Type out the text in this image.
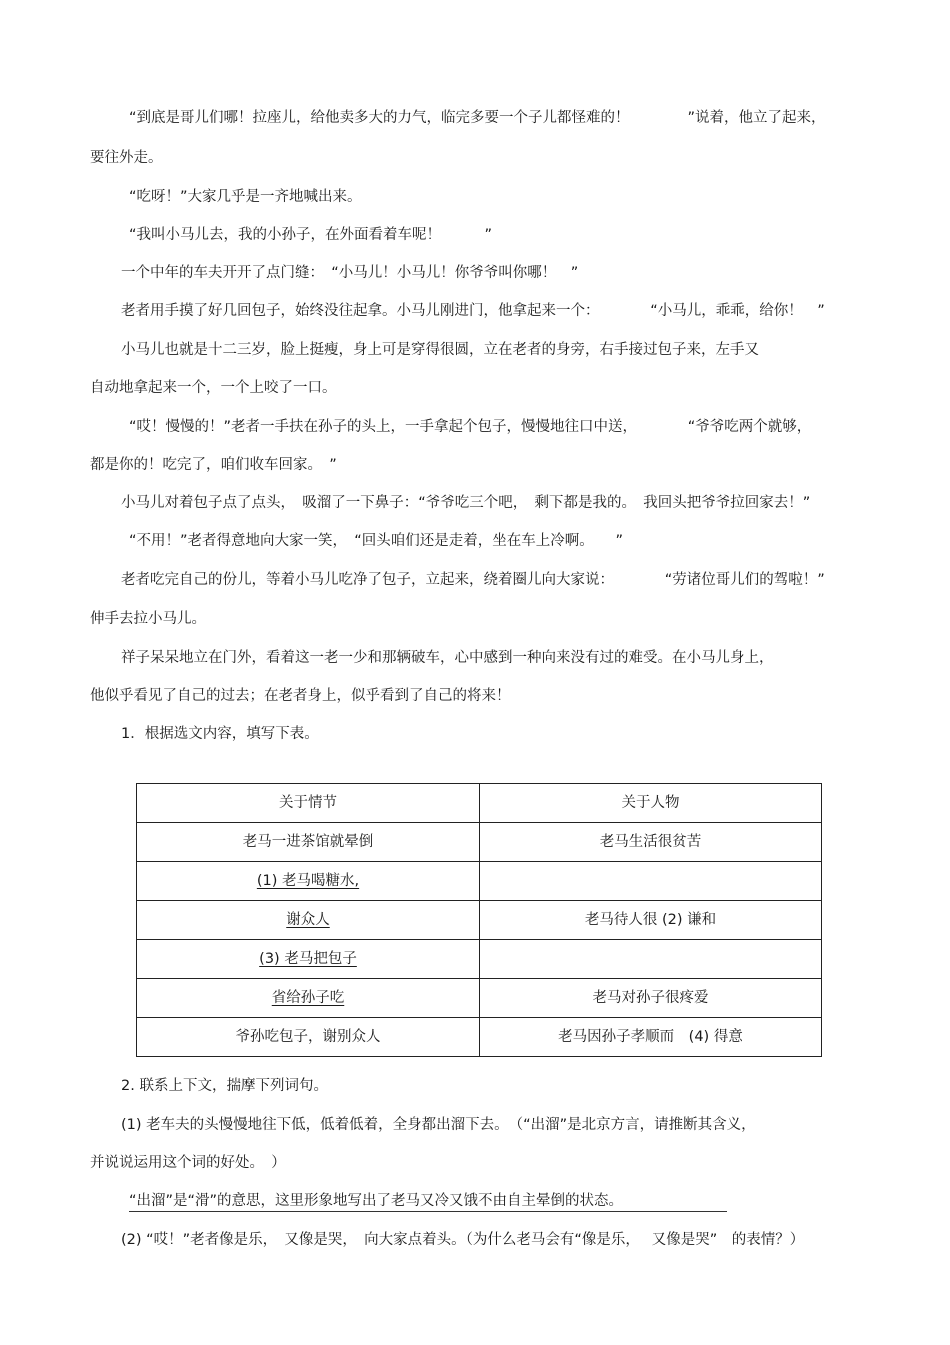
“到底是哥儿们哪！拉座儿，给他卖多大的力气，临完多要一个子儿都怪难的！　　　　”说着，他立了起来，
要往外走。
“吃呀！”大家几乎是一齐地喊出来。
“我叫小马儿去，我的小孙子，在外面看着车呢！　　　”
一个中年的车夫开开了点门缝：　“小马儿！小马儿！你爷爷叫你哪！　”
老者用手摸了好几回包子，始终没往起拿。小马儿刚进门，他拿起来一个：　　　　“小马儿，乖乖，给你！　”
小马儿也就是十二三岁，脸上挺瘦，身上可是穿得很圆，立在老者的身旁，右手接过包子来，左手又
自动地拿起来一个，一个上咬了一口。
“哎！慢慢的！”老者一手扶在孙子的头上，一手拿起个包子，慢慢地往口中送，　　　　“爷爷吃两个就够，
都是你的！吃完了，咱们收车回家。　”
小马儿对着包子点了点头，　吸溜了一下鼻子：“爷爷吃三个吧，　剩下都是我的。　我回头把爷爷拉回家去！”
“不用！”老者得意地向大家一笑，　“回头咱们还是走着，坐在车上冷啊。　　”
老者吃完自己的份儿，等着小马儿吃净了包子，立起来，绕着圈儿向大家说：　　　　“劳诸位哥儿们的驾啦！”
伸手去拉小马儿。
祥子呆呆地立在门外，看着这一老一少和那辆破车，心中感到一种向来没有过的难受。在小马儿身上，
他似乎看见了自己的过去；在老者身上，似乎看到了自己的将来！
1．根据选文内容，填写下表。
关于情节	关于人物
老马一进茶馆就晕倒	老马生活很贫苦
(1) 老马喝糖水,	
谢众人	老马待人很 (2) 谦和
(3) 老马把包子	
省给孙子吃	老马对孙子很疼爱
爷孙吃包子，谢别众人	老马因孙子孝顺而　(4) 得意
2. 联系上下文，揣摩下列词句。
(1) 老车夫的头慢慢地往下低，低着低着，全身都出溜下去。　（“出溜”是北京方言，请推断其含义，
并说说运用这个词的好处。　）
“出溜”是“滑”的意思，这里形象地写出了老马又冷又饿不由自主晕倒的状态。
(2) “哎！”老者像是乐，　又像是哭，　向大家点着头。（为什么老马会有“像是乐，　 又像是哭”　的表情？）
